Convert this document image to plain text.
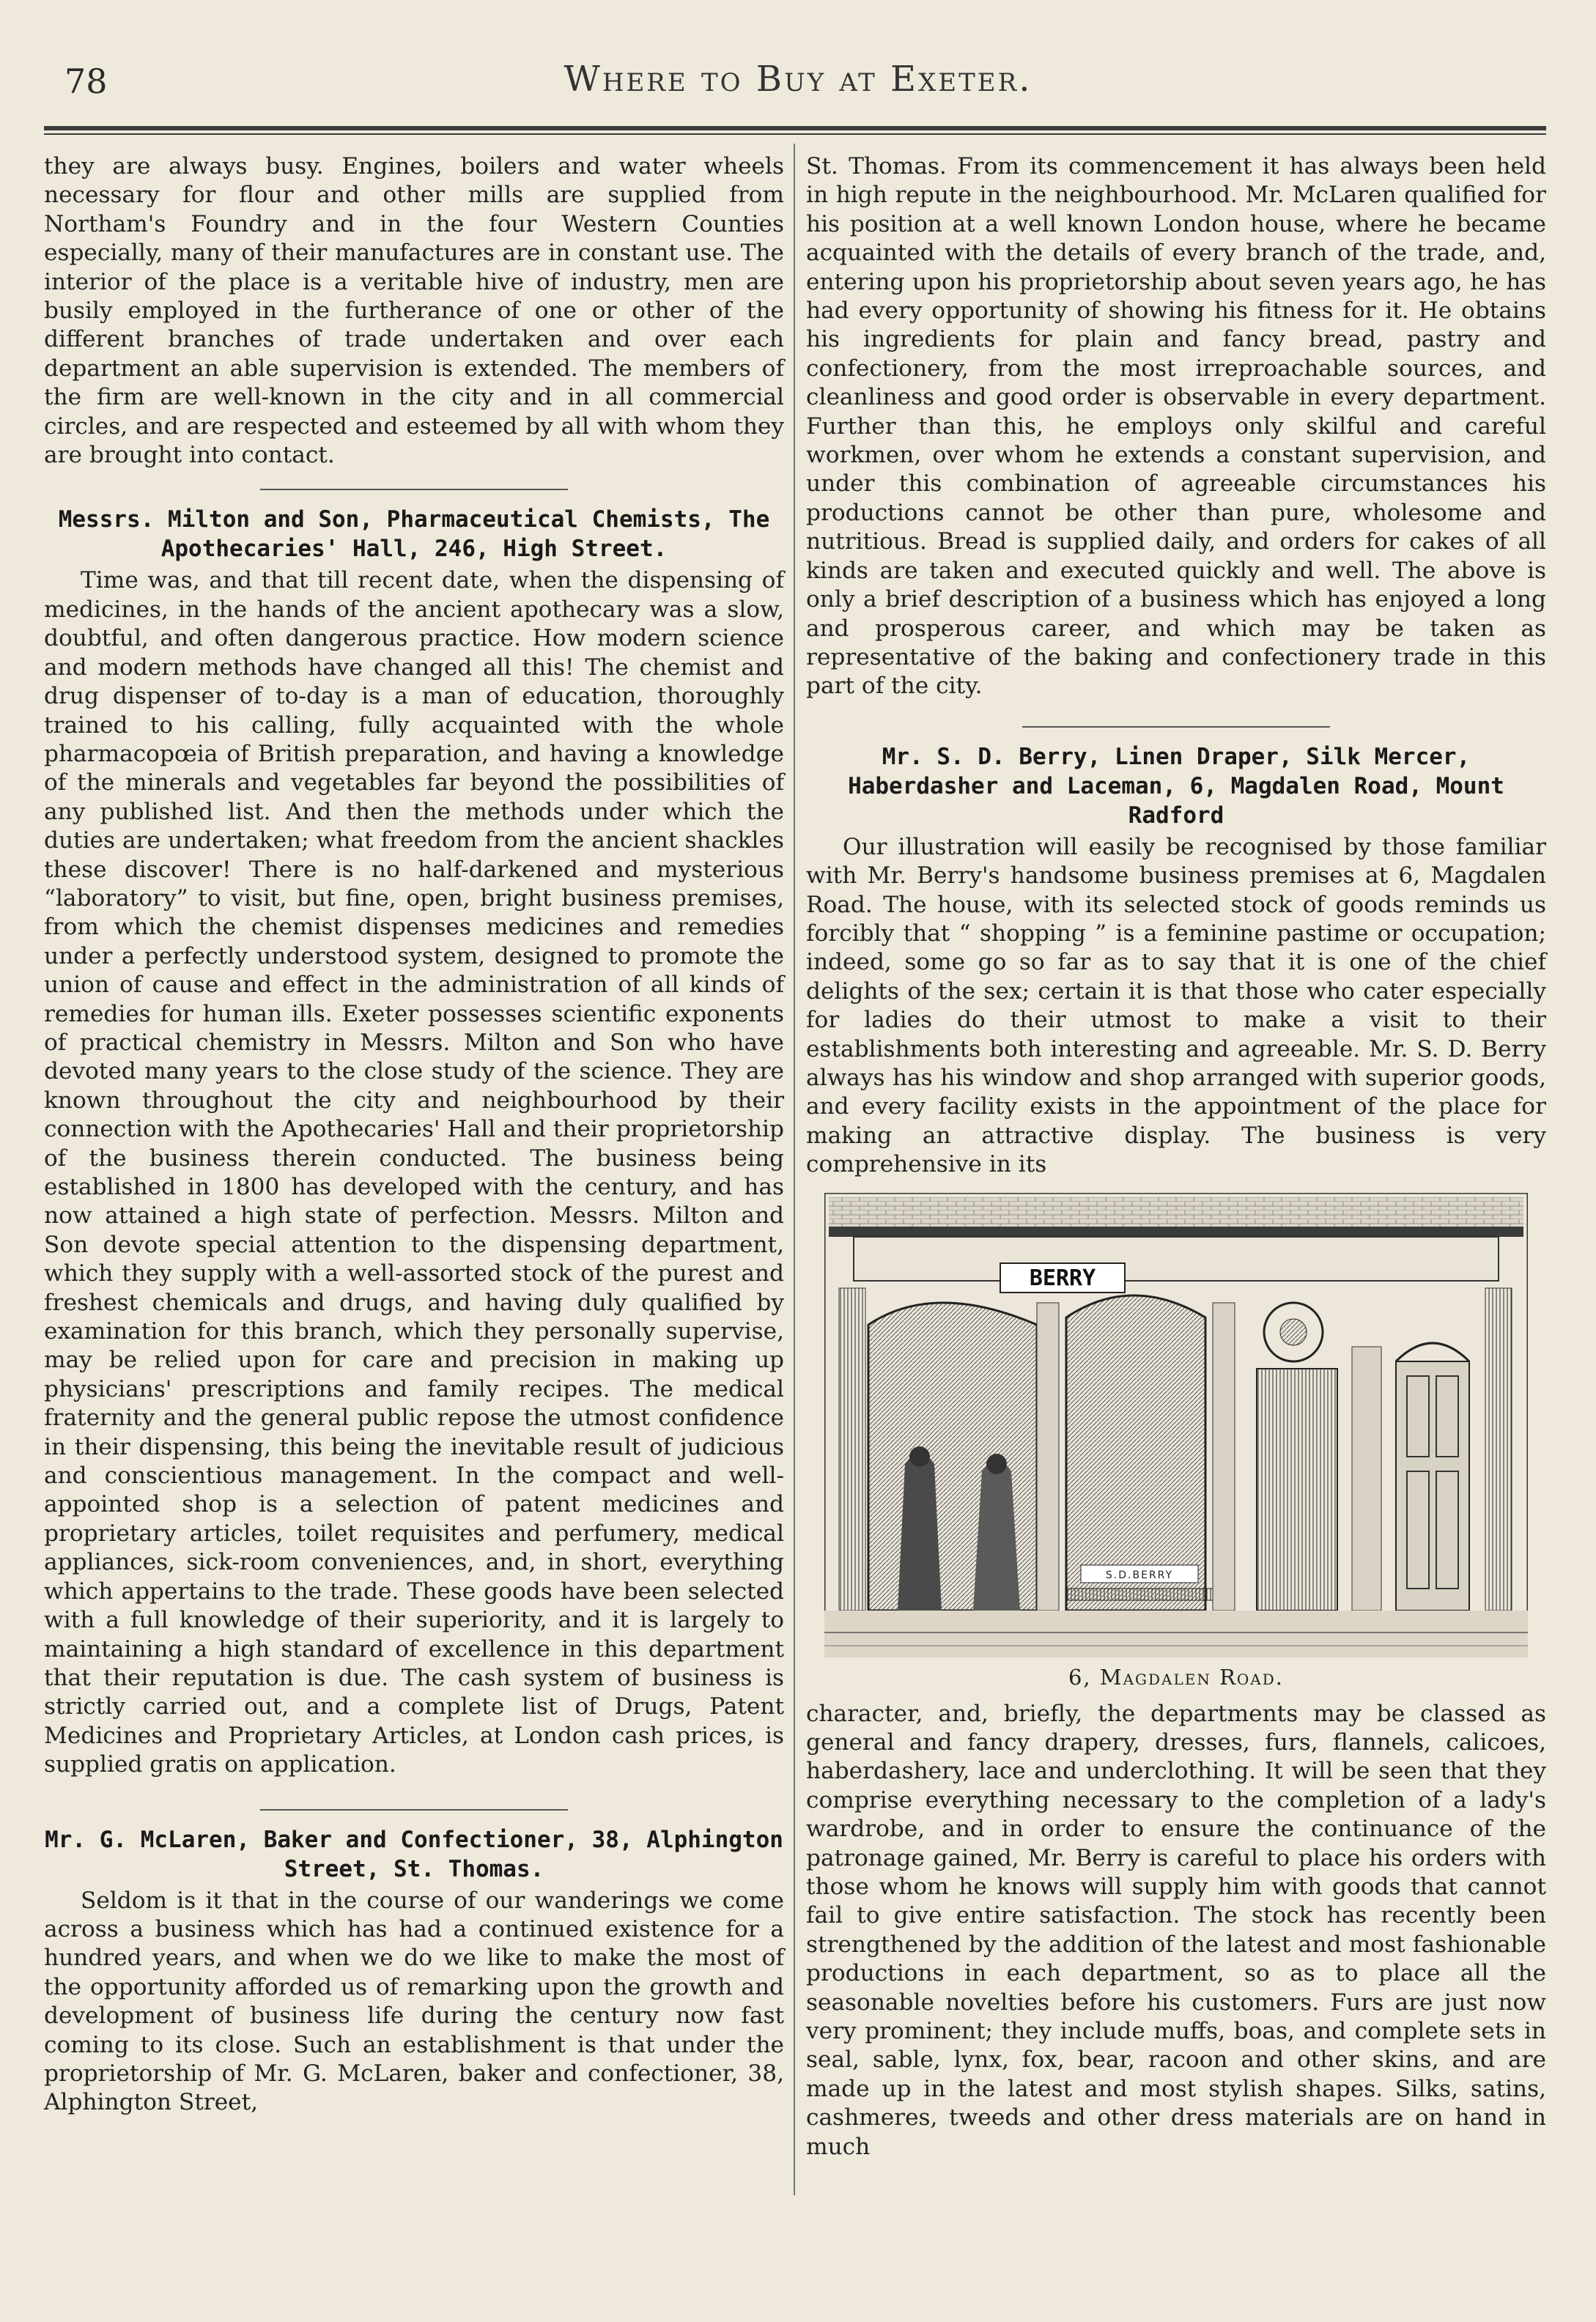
78	Where to Buy at Exeter.

they are always busy. Engines, boilers and water wheels necessary for flour and other mills are supplied from Northam's Foundry and in the four Western Counties especially, many of their manufactures are in constant use. The interior of the place is a veritable hive of industry, men are busily employed in the furtherance of one or other of the different branches of trade undertaken and over each department an able supervision is extended. The members of the firm are well-known in the city and in all commercial circles, and are respected and esteemed by all with whom they are brought into contact.

Messrs. Milton and Son, Pharmaceutical Chemists, The Apothecaries' Hall, 246, High Street.

Time was, and that till recent date, when the dispensing of medicines, in the hands of the ancient apothecary was a slow, doubtful, and often dangerous practice. How modern science and modern methods have changed all this! The chemist and drug dispenser of to-day is a man of education, thoroughly trained to his calling, fully acquainted with the whole pharmacopœia of British preparation, and having a knowledge of the minerals and vegetables far beyond the possibilities of any published list. And then the methods under which the duties are undertaken; what freedom from the ancient shackles these discover! There is no half-darkened and mysterious “laboratory” to visit, but fine, open, bright business premises, from which the chemist dispenses medicines and remedies under a perfectly understood system, designed to promote the union of cause and effect in the administration of all kinds of remedies for human ills. Exeter possesses scientific exponents of practical chemistry in Messrs. Milton and Son who have devoted many years to the close study of the science. They are known throughout the city and neighbourhood by their connection with the Apothecaries' Hall and their proprietorship of the business therein conducted. The business being established in 1800 has developed with the century, and has now attained a high state of perfection. Messrs. Milton and Son devote special attention to the dispensing department, which they supply with a well-assorted stock of the purest and freshest chemicals and drugs, and having duly qualified by examination for this branch, which they personally supervise, may be relied upon for care and precision in making up physicians' prescriptions and family recipes. The medical fraternity and the general public repose the utmost confidence in their dispensing, this being the inevitable result of judicious and conscientious management. In the compact and well-appointed shop is a selection of patent medicines and proprietary articles, toilet requisites and perfumery, medical appliances, sick-room conveniences, and, in short, everything which appertains to the trade. These goods have been selected with a full knowledge of their superiority, and it is largely to maintaining a high standard of excellence in this department that their reputation is due. The cash system of business is strictly carried out, and a complete list of Drugs, Patent Medicines and Proprietary Articles, at London cash prices, is supplied gratis on application.

Mr. G. McLaren, Baker and Confectioner, 38, Alphington Street, St. Thomas.

Seldom is it that in the course of our wanderings we come across a business which has had a continued existence for a hundred years, and when we do we like to make the most of the opportunity afforded us of remarking upon the growth and development of business life during the century now fast coming to its close. Such an establishment is that under the proprietorship of Mr. G. McLaren, baker and confectioner, 38, Alphington Street,

St. Thomas. From its commencement it has always been held in high repute in the neighbourhood. Mr. McLaren qualified for his position at a well known London house, where he became acquainted with the details of every branch of the trade, and, entering upon his proprietorship about seven years ago, he has had every opportunity of showing his fitness for it. He obtains his ingredients for plain and fancy bread, pastry and confectionery, from the most irreproachable sources, and cleanliness and good order is observable in every department. Further than this, he employs only skilful and careful workmen, over whom he extends a constant supervision, and under this combination of agreeable circumstances his productions cannot be other than pure, wholesome and nutritious. Bread is supplied daily, and orders for cakes of all kinds are taken and executed quickly and well. The above is only a brief description of a business which has enjoyed a long and prosperous career, and which may be taken as representative of the baking and confectionery trade in this part of the city.

Mr. S. D. Berry, Linen Draper, Silk Mercer, Haberdasher and Laceman, 6, Magdalen Road, Mount Radford

Our illustration will easily be recognised by those familiar with Mr. Berry's handsome business premises at 6, Magdalen Road. The house, with its selected stock of goods reminds us forcibly that “ shopping ” is a feminine pastime or occupation; indeed, some go so far as to say that it is one of the chief delights of the sex; certain it is that those who cater especially for ladies do their utmost to make a visit to their establishments both interesting and agreeable. Mr. S. D. Berry always has his window and shop arranged with superior goods, and every facility exists in the appointment of the place for making an attractive display. The business is very comprehensive in its

BERRY
S.D.BERRY
6, Magdalen Road.

character, and, briefly, the departments may be classed as general and fancy drapery, dresses, furs, flannels, calicoes, haberdashery, lace and underclothing. It will be seen that they comprise everything necessary to the completion of a lady's wardrobe, and in order to ensure the continuance of the patronage gained, Mr. Berry is careful to place his orders with those whom he knows will supply him with goods that cannot fail to give entire satisfaction. The stock has recently been strengthened by the addition of the latest and most fashionable productions in each department, so as to place all the seasonable novelties before his customers. Furs are just now very prominent; they include muffs, boas, and complete sets in seal, sable, lynx, fox, bear, racoon and other skins, and are made up in the latest and most stylish shapes. Silks, satins, cashmeres, tweeds and other dress materials are on hand in much
